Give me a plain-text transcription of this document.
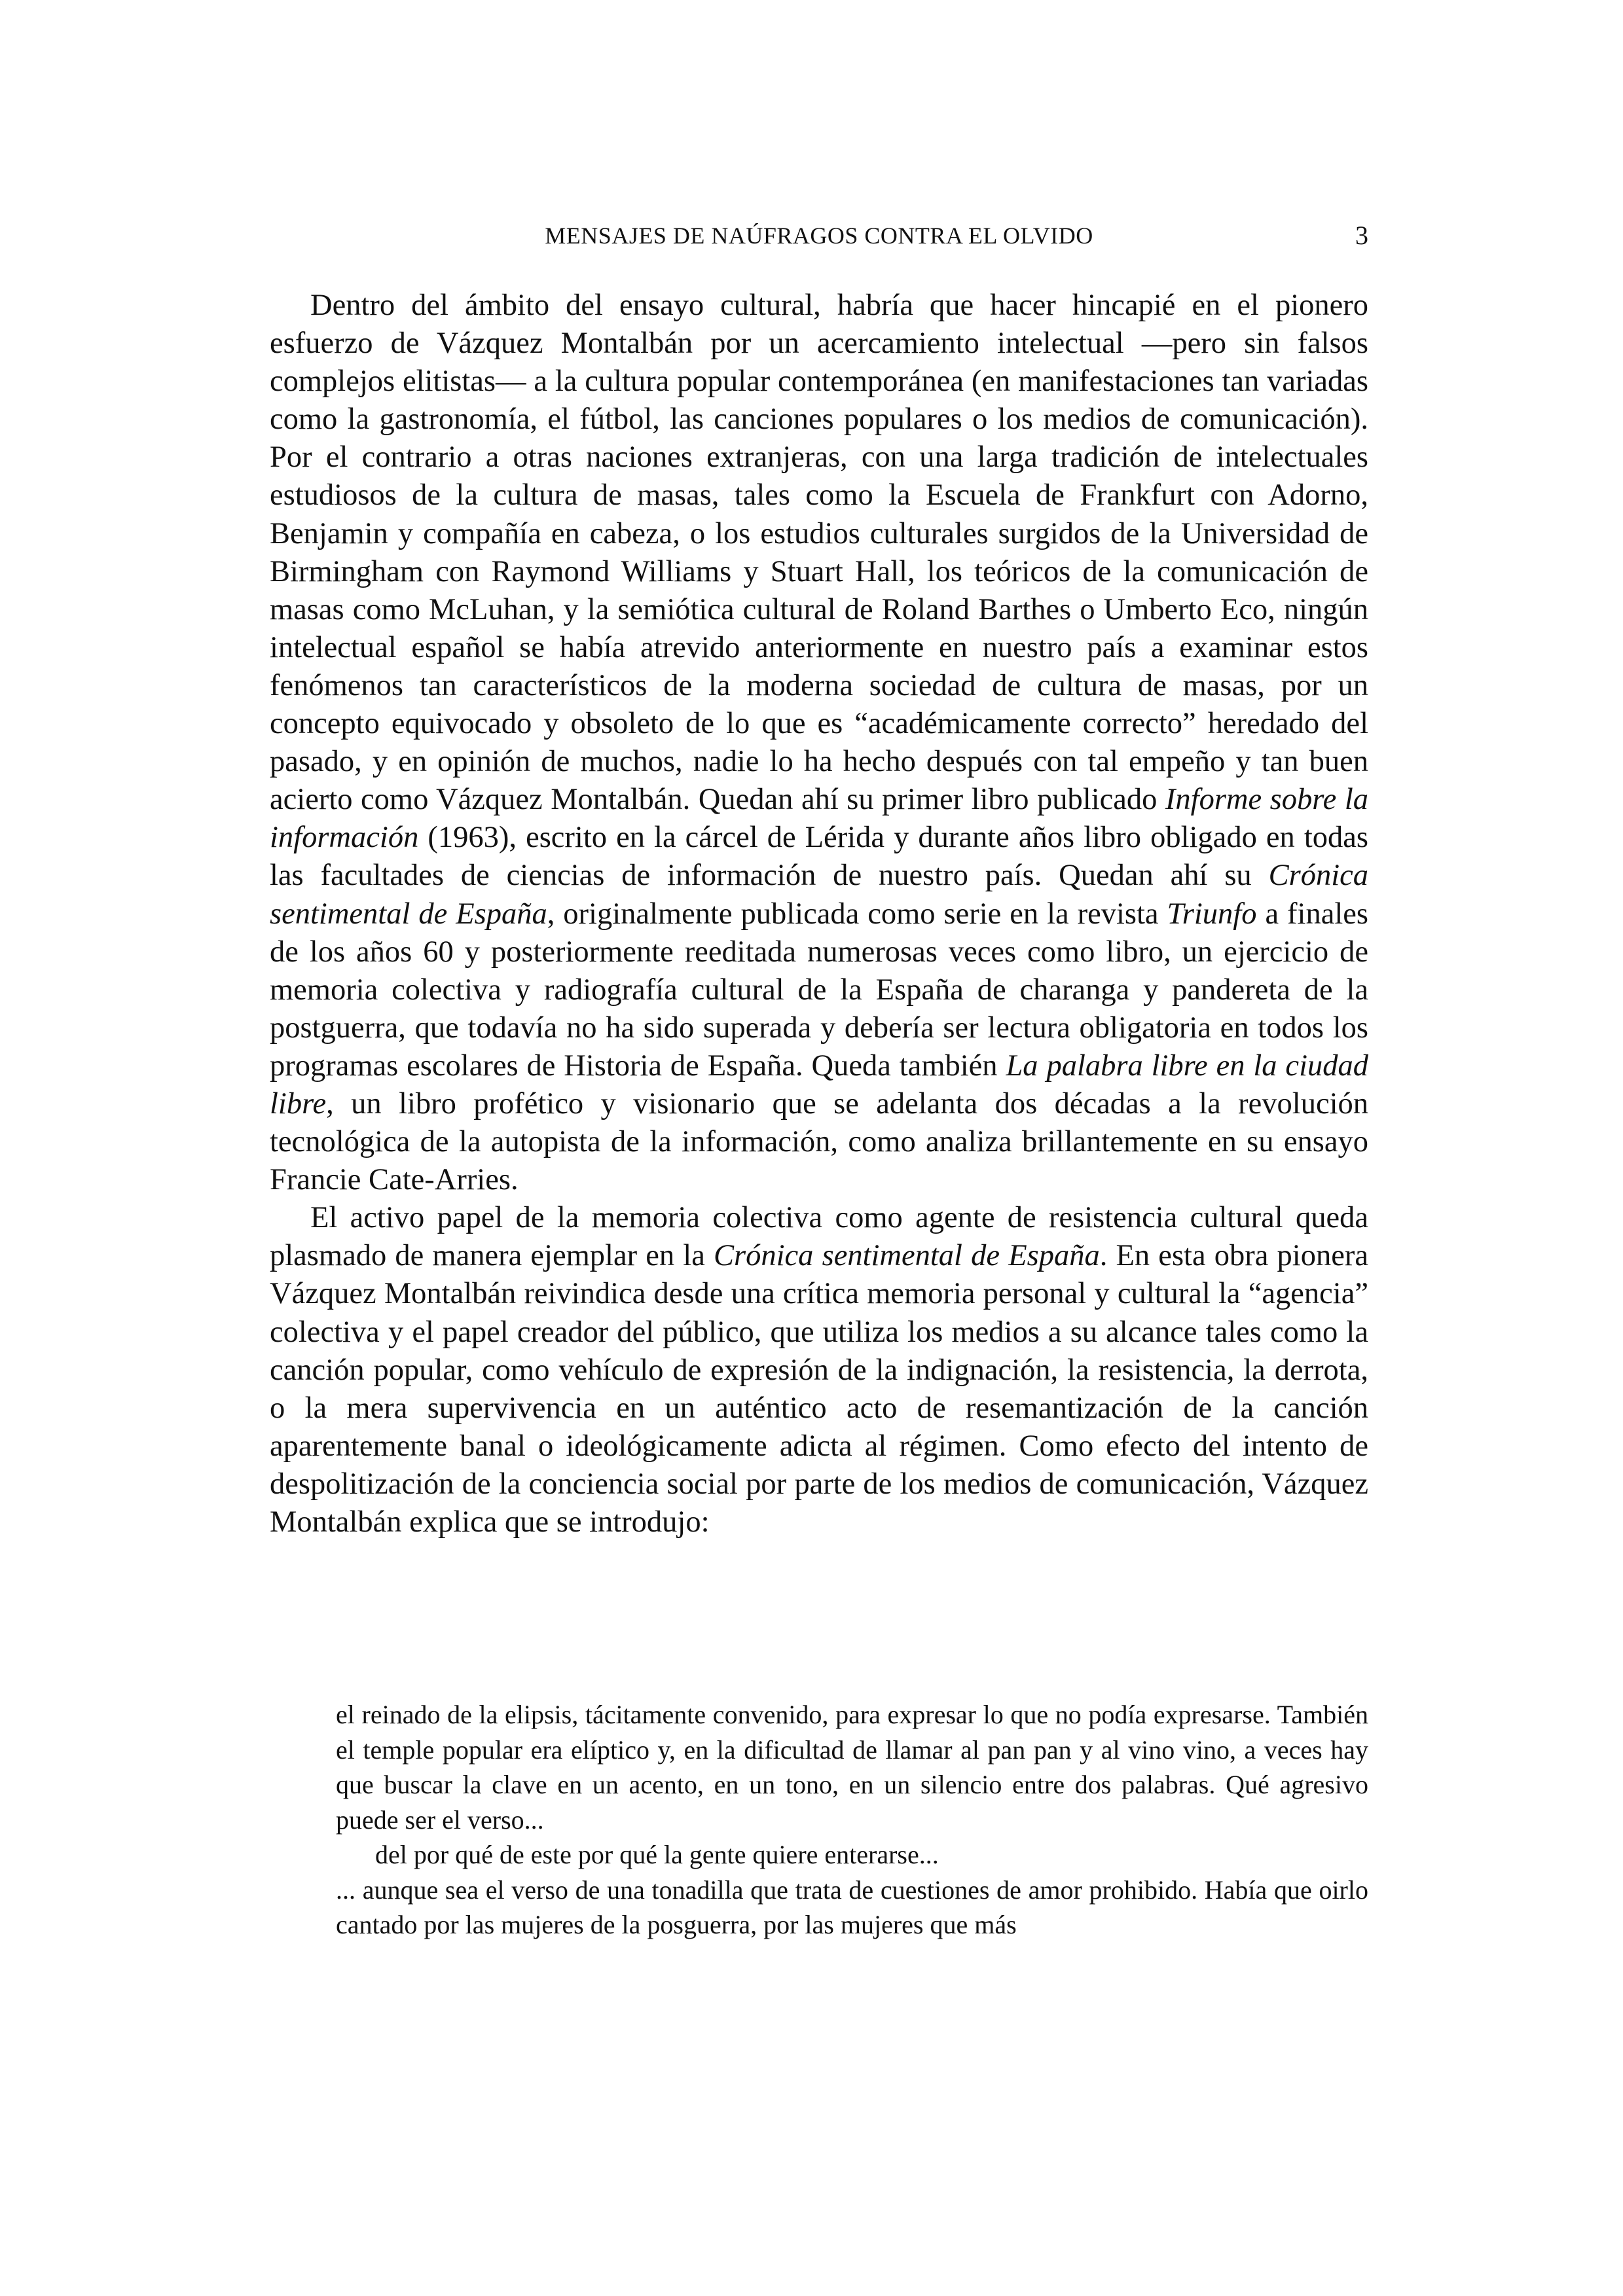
MENSAJES DE NAÚFRAGOS CONTRA EL OLVIDO	3

Dentro del ámbito del ensayo cultural, habría que hacer hincapié en el pionero esfuerzo de Vázquez Montalbán por un acercamiento intelectual —pero sin falsos complejos elitistas— a la cultura popular contemporánea (en manifestaciones tan variadas como la gastronomía, el fútbol, las canciones populares o los medios de comunicación). Por el contrario a otras naciones extranjeras, con una larga tradición de intelectuales estudiosos de la cultura de masas, tales como la Escuela de Frankfurt con Adorno, Benjamin y compañía en cabeza, o los estudios culturales surgidos de la Universidad de Birmingham con Raymond Williams y Stuart Hall, los teóricos de la comunicación de masas como McLuhan, y la semiótica cultural de Roland Barthes o Umberto Eco, ningún intelectual español se había atrevido anteriormente en nuestro país a examinar estos fenómenos tan característicos de la moderna sociedad de cultura de masas, por un concepto equivocado y obsoleto de lo que es “académicamente correcto” heredado del pasado, y en opinión de muchos, nadie lo ha hecho después con tal empeño y tan buen acierto como Vázquez Montalbán. Quedan ahí su primer libro publicado Informe sobre la información (1963), escrito en la cárcel de Lérida y durante años libro obligado en todas las facultades de ciencias de información de nuestro país. Quedan ahí su Crónica sentimental de España, originalmente publicada como serie en la revista Triunfo a finales de los años 60 y posteriormente reeditada numerosas veces como libro, un ejercicio de memoria colectiva y radiografía cultural de la España de charanga y pandereta de la postguerra, que todavía no ha sido superada y debería ser lectura obligatoria en todos los programas escolares de Historia de España. Queda también La palabra libre en la ciudad libre, un libro profético y visionario que se adelanta dos décadas a la revolución tecnológica de la autopista de la información, como analiza brillantemente en su ensayo Francie Cate-Arries.

El activo papel de la memoria colectiva como agente de resistencia cultural queda plasmado de manera ejemplar en la Crónica sentimental de España. En esta obra pionera Vázquez Montalbán reivindica desde una crítica memoria personal y cultural la “agencia” colectiva y el papel creador del público, que utiliza los medios a su alcance tales como la canción popular, como vehículo de expresión de la indignación, la resistencia, la derrota, o la mera supervivencia en un auténtico acto de resemantización de la canción aparentemente banal o ideológicamente adicta al régimen. Como efecto del intento de despolitización de la conciencia social por parte de los medios de comunicación, Vázquez Montalbán explica que se introdujo:

el reinado de la elipsis, tácitamente convenido, para expresar lo que no podía expresarse. También el temple popular era elíptico y, en la dificultad de llamar al pan pan y al vino vino, a veces hay que buscar la clave en un acento, en un tono, en un silencio entre dos palabras. Qué agresivo puede ser el verso...

del por qué de este por qué la gente quiere enterarse...

... aunque sea el verso de una tonadilla que trata de cuestiones de amor prohibido. Había que oirlo cantado por las mujeres de la posguerra, por las mujeres que más
